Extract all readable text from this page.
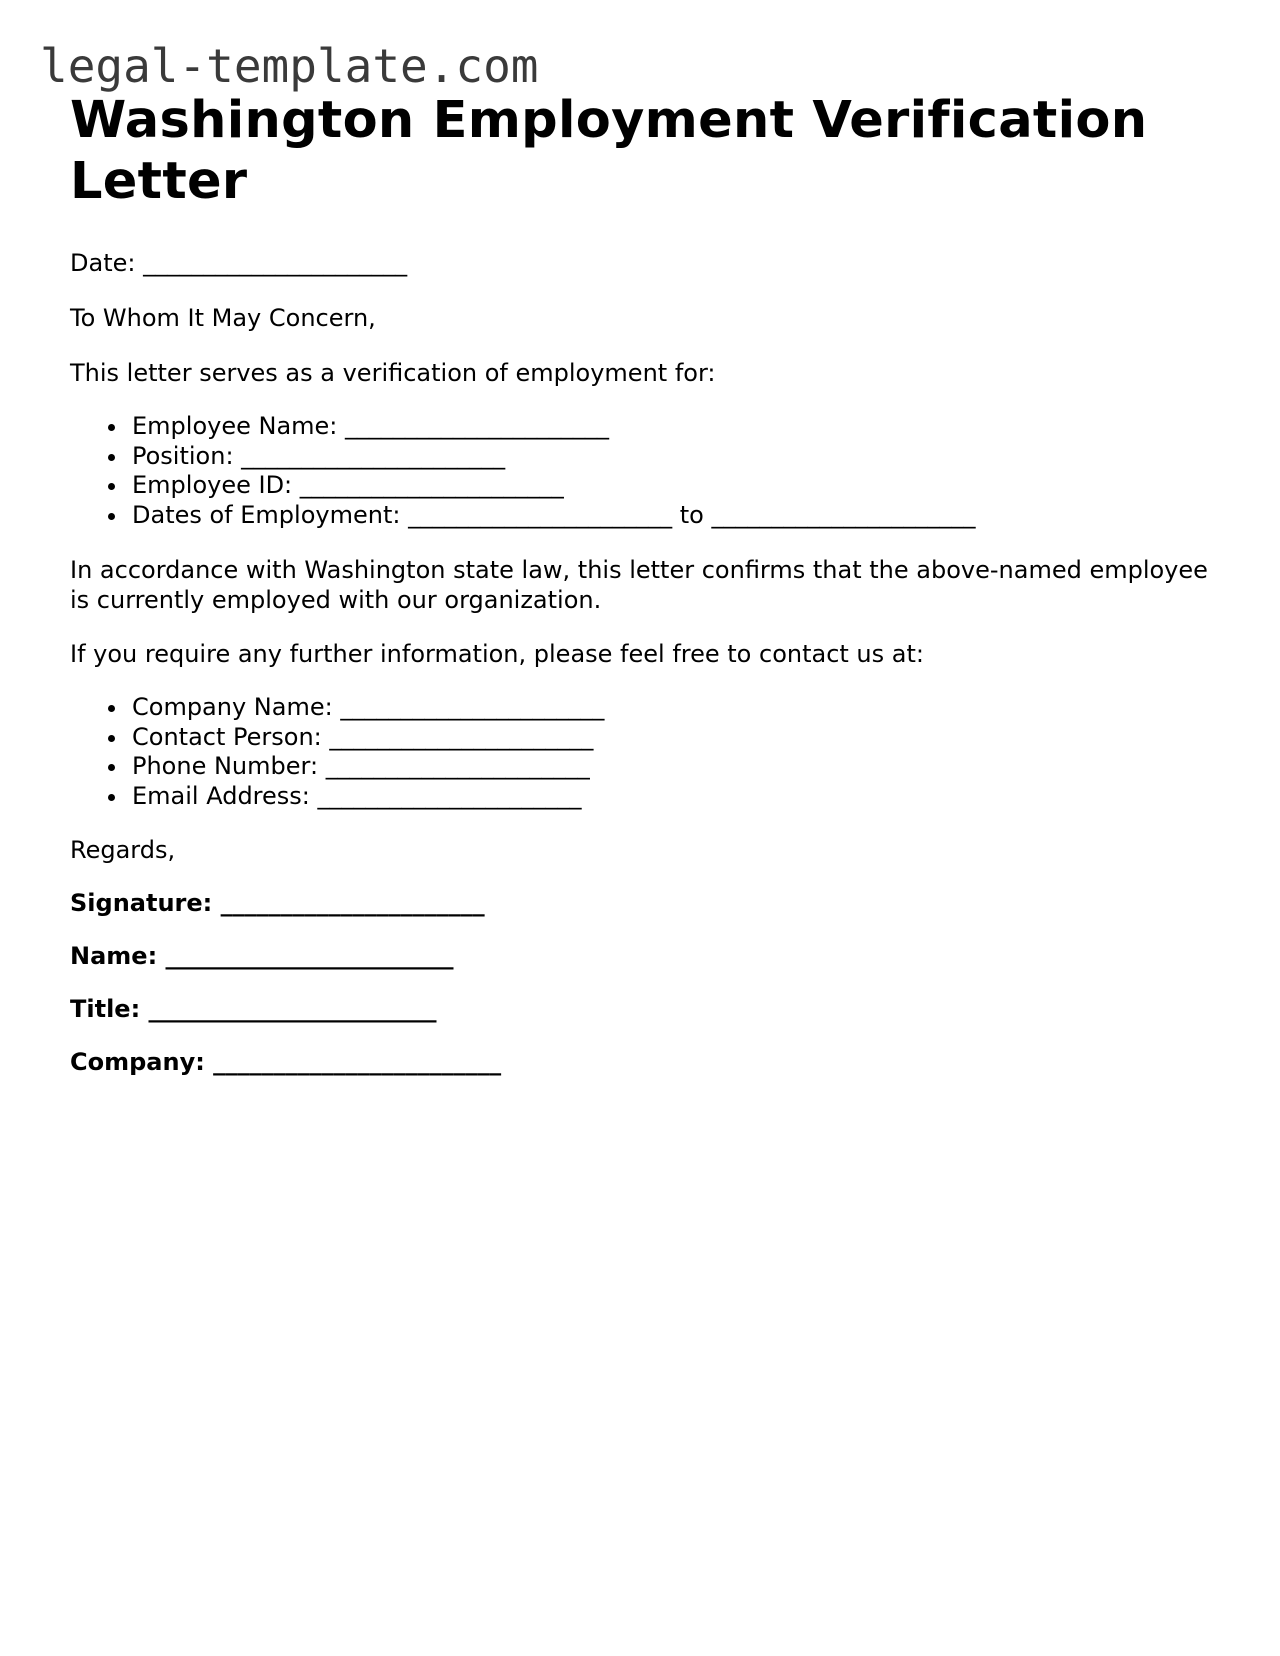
legal-template.com
Washington Employment Verification Letter

Date: ______________________

To Whom It May Concern,

This letter serves as a verification of employment for:

Employee Name: ______________________
Position: ______________________
Employee ID: ______________________
Dates of Employment: ______________________ to ______________________

In accordance with Washington state law, this letter confirms that the above-named employee is currently employed with our organization.

If you require any further information, please feel free to contact us at:

Company Name: ______________________
Contact Person: ______________________
Phone Number: ______________________
Email Address: ______________________

Regards,

Signature: ______________________

Name: ________________________

Title: ________________________

Company: ________________________
